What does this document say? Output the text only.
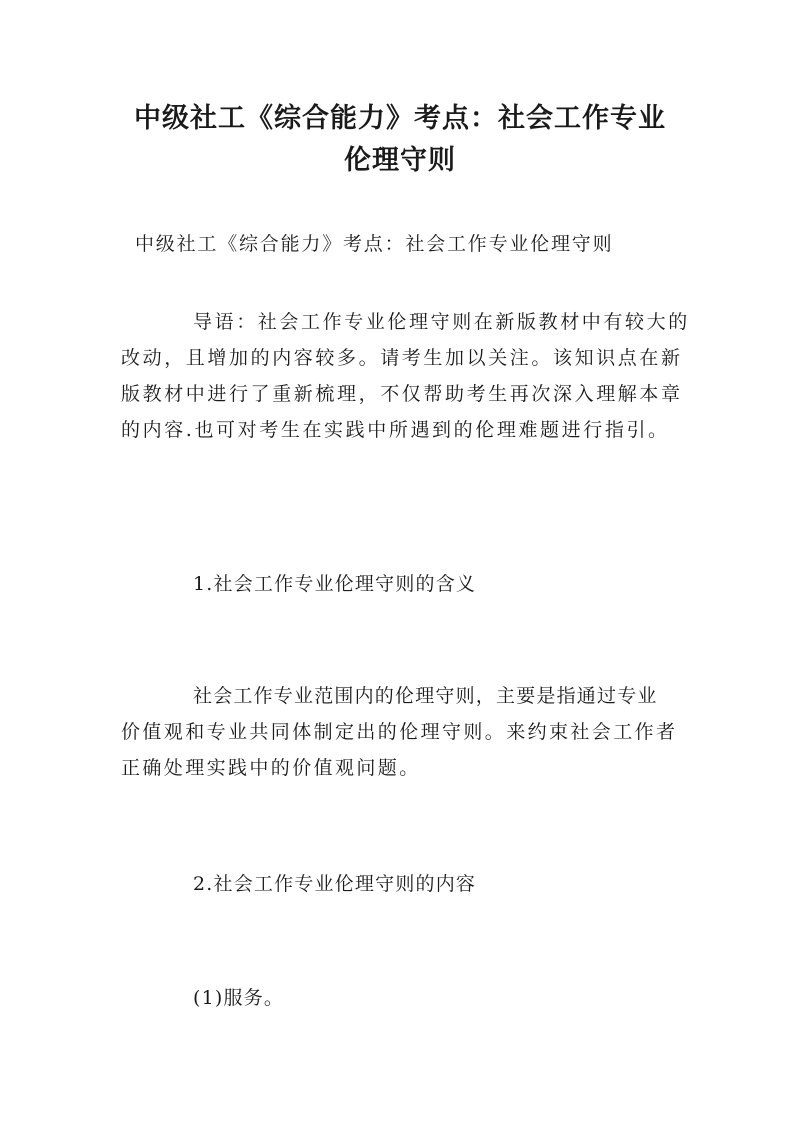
中级社工《综合能力》考点：社会工作专业
伦理守则

中级社工《综合能力》考点：社会工作专业伦理守则

导语：社会工作专业伦理守则在新版教材中有较大的

改动，且增加的内容较多。请考生加以关注。该知识点在新

版教材中进行了重新梳理，不仅帮助考生再次深入理解本章

的内容.也可对考生在实践中所遇到的伦理难题进行指引。

1.社会工作专业伦理守则的含义

社会工作专业范围内的伦理守则，主要是指通过专业

价值观和专业共同体制定出的伦理守则。来约束社会工作者

正确处理实践中的价值观问题。

2.社会工作专业伦理守则的内容

(1)服务。
